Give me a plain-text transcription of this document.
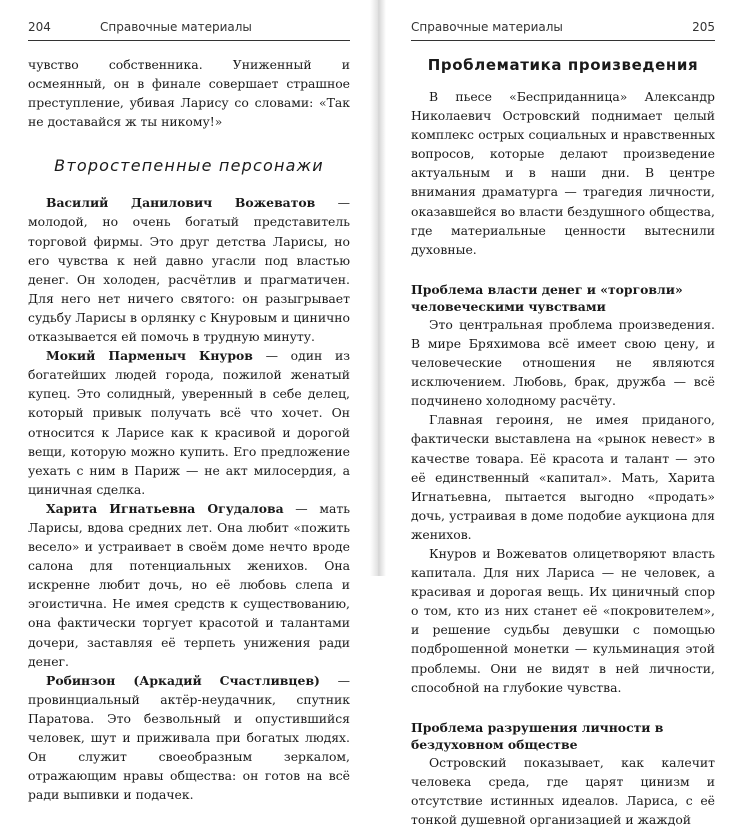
204	Справочные материалы

чувство собственника. Униженный и осмеянный, он в финале совершает страшное преступление, убивая Ларису со словами: «Так не доставайся ж ты никому!»

Второстепенные персонажи

Василий Данилович Вожеватов — молодой, но очень богатый представитель торговой фирмы. Это друг детства Ларисы, но его чувства к ней давно угасли под властью денег. Он холоден, расчётлив и прагматичен. Для него нет ничего святого: он разыгрывает судьбу Ларисы в орлянку с Кнуровым и цинично отказывается ей помочь в трудную минуту.

Мокий Парменыч Кнуров — один из богатейших людей города, пожилой женатый купец. Это солидный, уверенный в себе делец, который привык получать всё что хочет. Он относится к Ларисе как к красивой и дорогой вещи, которую можно купить. Его предложение уехать с ним в Париж — не акт милосердия, а циничная сделка.

Харита Игнатьевна Огудалова — мать Ларисы, вдова средних лет. Она любит «пожить весело» и устраивает в своём доме нечто вроде салона для потенциальных женихов. Она искренне любит дочь, но её любовь слепа и эгоистична. Не имея средств к существованию, она фактически торгует красотой и талантами дочери, заставляя её терпеть унижения ради денег.

Робинзон (Аркадий Счастливцев) — провинциальный актёр-неудачник, спутник Паратова. Это безвольный и опустившийся человек, шут и приживала при богатых людях. Он служит своеобразным зеркалом, отражающим нравы общества: он готов на всё ради выпивки и подачек.

Справочные материалы	205
Проблематика произведения

В пьесе «Бесприданница» Александр Николаевич Островский поднимает целый комплекс острых социальных и нравственных вопросов, которые делают произведение актуальным и в наши дни. В центре внимания драматурга — трагедия личности, оказавшейся во власти бездушного общества, где материальные ценности вытеснили духовные.

Проблема власти денег и «торговли» человеческими чувствами

Это центральная проблема произведения. В мире Бряхимова всё имеет свою цену, и человеческие отношения не являются исключением. Любовь, брак, дружба — всё подчинено холодному расчёту.

Главная героиня, не имея приданого, фактически выставлена на «рынок невест» в качестве товара. Её красота и талант — это её единственный «капитал». Мать, Харита Игнатьевна, пытается выгодно «продать» дочь, устраивая в доме подобие аукциона для женихов.

Кнуров и Вожеватов олицетворяют власть капитала. Для них Лариса — не человек, а красивая и дорогая вещь. Их циничный спор о том, кто из них станет её «покровителем», и решение судьбы девушки с помощью подброшенной монетки — кульминация этой проблемы. Они не видят в ней личности, способной на глубокие чувства.

Проблема разрушения личности в бездуховном обществе

Островский показывает, как калечит человека среда, где царят цинизм и отсутствие истинных идеалов. Лариса, с её тонкой душевной организацией и жаждой
